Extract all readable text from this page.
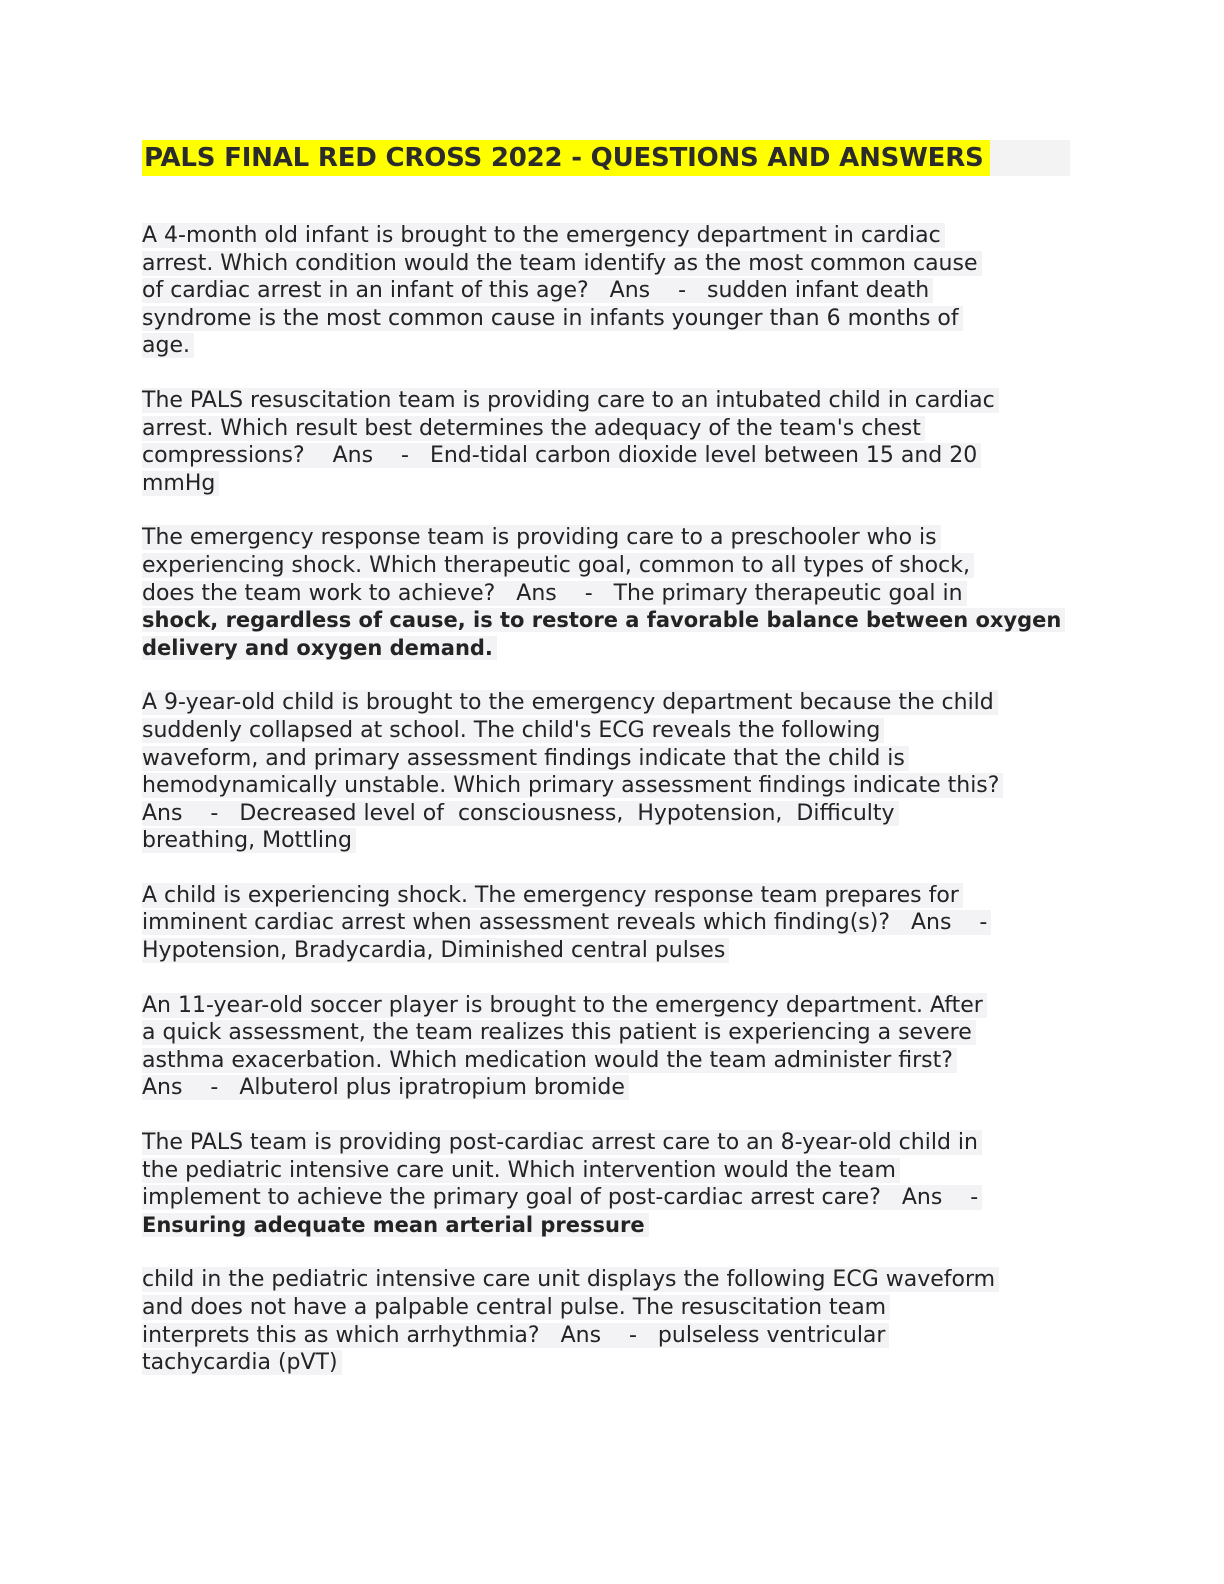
PALS FINAL RED CROSS 2022 - QUESTIONS AND ANSWERS
A 4-month old infant is brought to the emergency department in cardiac
arrest. Which condition would the team identify as the most common cause
of cardiac arrest in an infant of this age?   Ans    -   sudden infant death
syndrome is the most common cause in infants younger than 6 months of
age.
The PALS resuscitation team is providing care to an intubated child in cardiac
arrest. Which result best determines the adequacy of the team's chest
compressions?    Ans    -   End-tidal carbon dioxide level between 15 and 20
mmHg
The emergency response team is providing care to a preschooler who is
experiencing shock. Which therapeutic goal, common to all types of shock,
does the team work to achieve?   Ans    -   The primary therapeutic goal in
shock, regardless of cause, is to restore a favorable balance between oxygen
delivery and oxygen demand.
A 9-year-old child is brought to the emergency department because the child
suddenly collapsed at school. The child's ECG reveals the following
waveform, and primary assessment findings indicate that the child is
hemodynamically unstable. Which primary assessment findings indicate this?
Ans    -   Decreased level of  consciousness,  Hypotension,  Difficulty
breathing, Mottling
A child is experiencing shock. The emergency response team prepares for
imminent cardiac arrest when assessment reveals which finding(s)?   Ans    -
Hypotension, Bradycardia, Diminished central pulses
An 11-year-old soccer player is brought to the emergency department. After
a quick assessment, the team realizes this patient is experiencing a severe
asthma exacerbation. Which medication would the team administer first?
Ans    -   Albuterol plus ipratropium bromide
The PALS team is providing post-cardiac arrest care to an 8-year-old child in
the pediatric intensive care unit. Which intervention would the team
implement to achieve the primary goal of post-cardiac arrest care?   Ans    -
Ensuring adequate mean arterial pressure
child in the pediatric intensive care unit displays the following ECG waveform
and does not have a palpable central pulse. The resuscitation team
interprets this as which arrhythmia?   Ans    -   pulseless ventricular
tachycardia (pVT)
